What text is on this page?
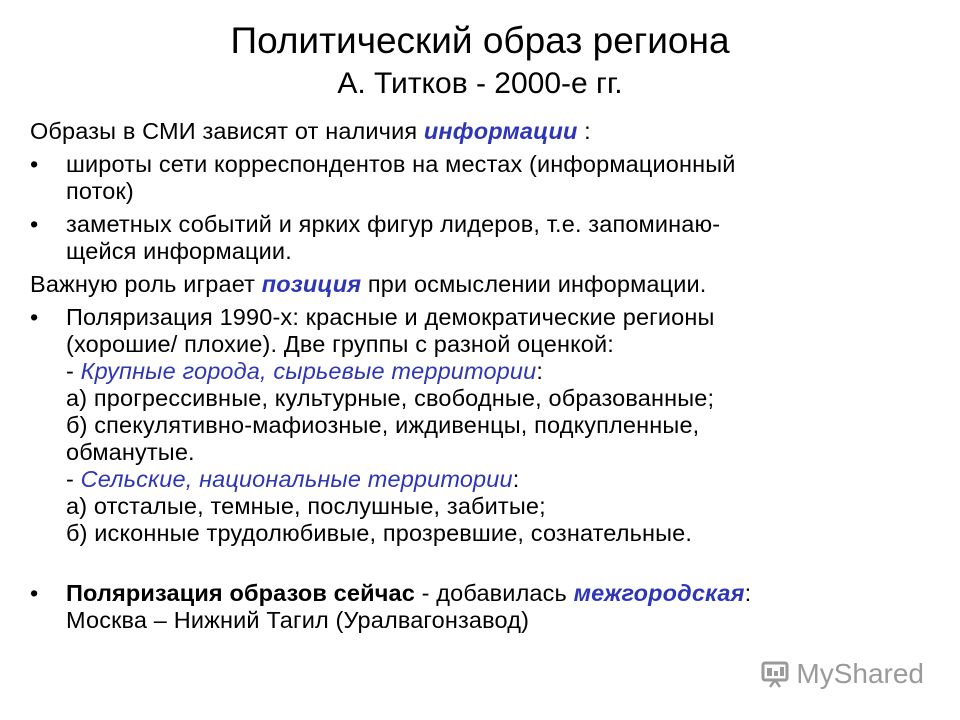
Политический образ региона
А. Титков - 2000-е гг.

Образы в СМИ зависят от наличия информации :

• широты сети корреспондентов на местах (информационный
поток)
• заметных событий и ярких фигур лидеров, т.е. запоминаю-
щейся информации.

Важную роль играет позиция при осмыслении информации.

• Поляризация 1990-х: красные и демократические регионы
(хорошие/ плохие). Две группы с разной оценкой:
- Крупные города, сырьевые территории:
а) прогрессивные, культурные, свободные, образованные;
б) спекулятивно-мафиозные, иждивенцы, подкупленные,
обманутые.
- Сельские, национальные территории:
а) отсталые, темные, послушные, забитые;
б) исконные трудолюбивые, прозревшие, сознательные.
• Поляризация образов сейчас - добавилась межгородская:
Москва – Нижний Тагил (Уралвагонзавод)
MyShared
